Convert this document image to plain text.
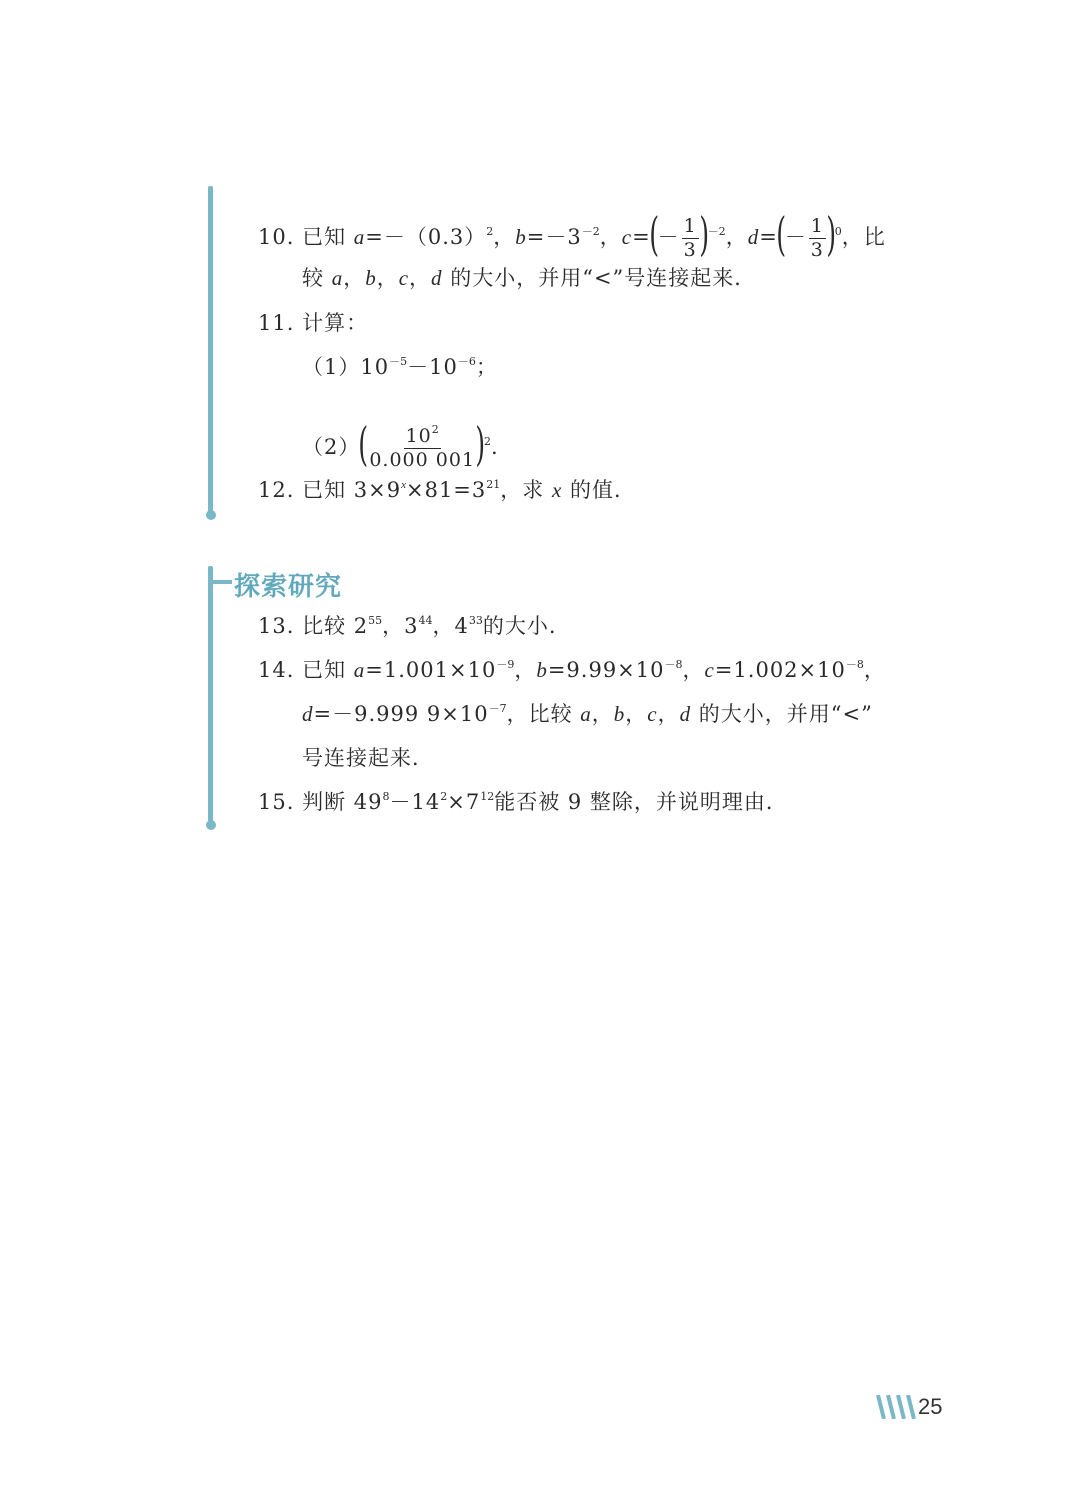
10. 已知 $a=-(0.3)^2$，$b=-3^{-2}$，$c=(- \frac{1}{3} )^{-2}$，$d=(- \frac{1}{3} )^0$，比
较 a，b，c，d 的大小，并用“<”号连接起来．
11. 计算：
$(1)10^{-5}-10^{-6}$；
$(2)( \frac{10^2}{0.000 001} )^2$.
12. 已知 $3\times 9^x\times 81=3^{21}$，求 x 的值．
探索研究
13. 比较 $2^{55}$，$3^{44}$，$4^{33}$的大小.
14. 已知 $a=1.001\times 10^{-9}$，$b=9.99\times 10^{-8}$，$c=1.002\times 10^{-8}$，
d=－9.999 $9\times 10^{-7}$，比较 a，b，c，d 的大小，并用“<”
号连接起来．
15. 判断 $49^8-14^2\times 7^{12}$能否被 9 整除，并说明理由．
25
